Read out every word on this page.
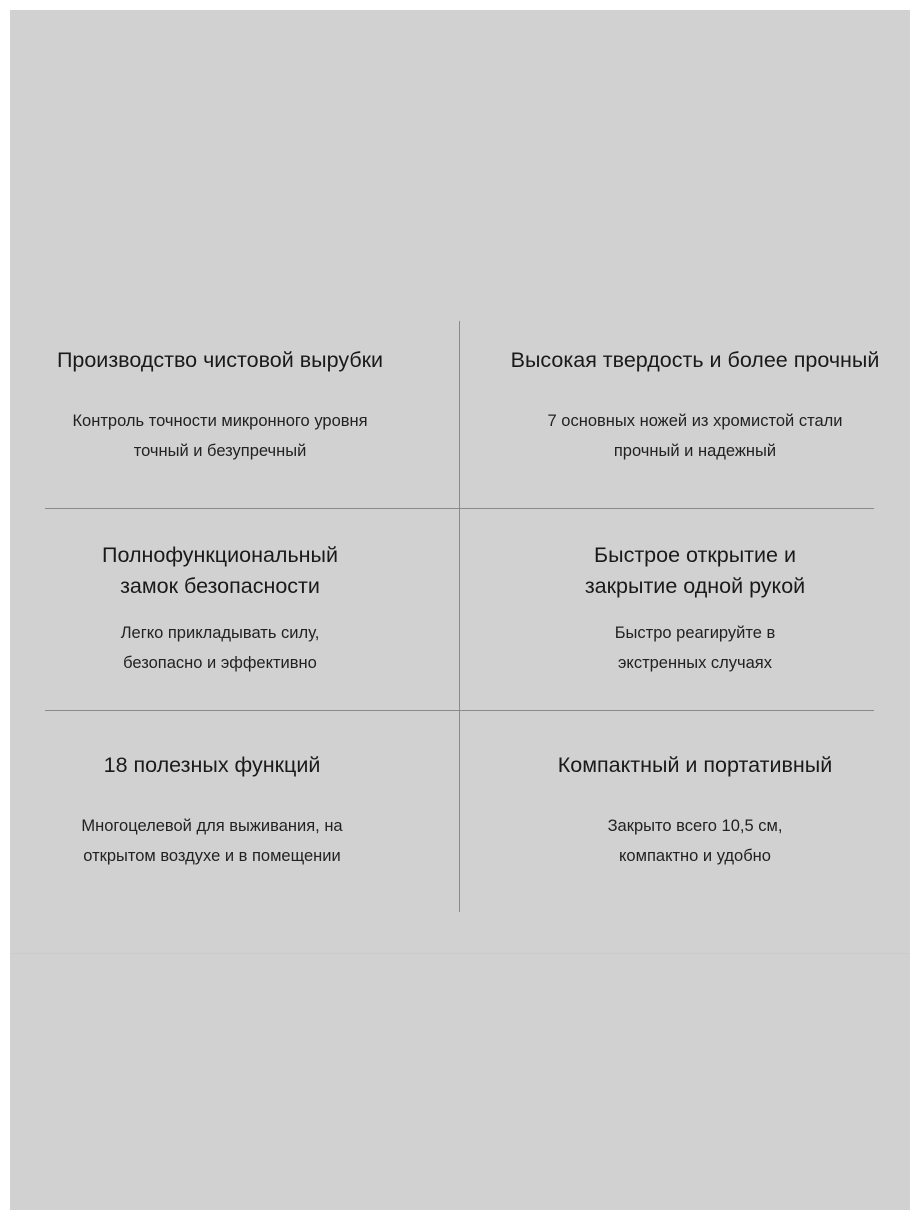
Производство чистовой вырубки

Контроль точности микронного уровня
точный и безупречный

Высокая твердость и более прочный

7 основных ножей из хромистой стали
прочный и надежный

Полнофункциональный
замок безопасности

Легко прикладывать силу,
безопасно и эффективно

Быстрое открытие и
закрытие одной рукой

Быстро реагируйте в
экстренных случаях

18 полезных функций

Многоцелевой для выживания, на
открытом воздухе и в помещении

Компактный и портативный

Закрыто всего 10,5 см,
компактно и удобно
